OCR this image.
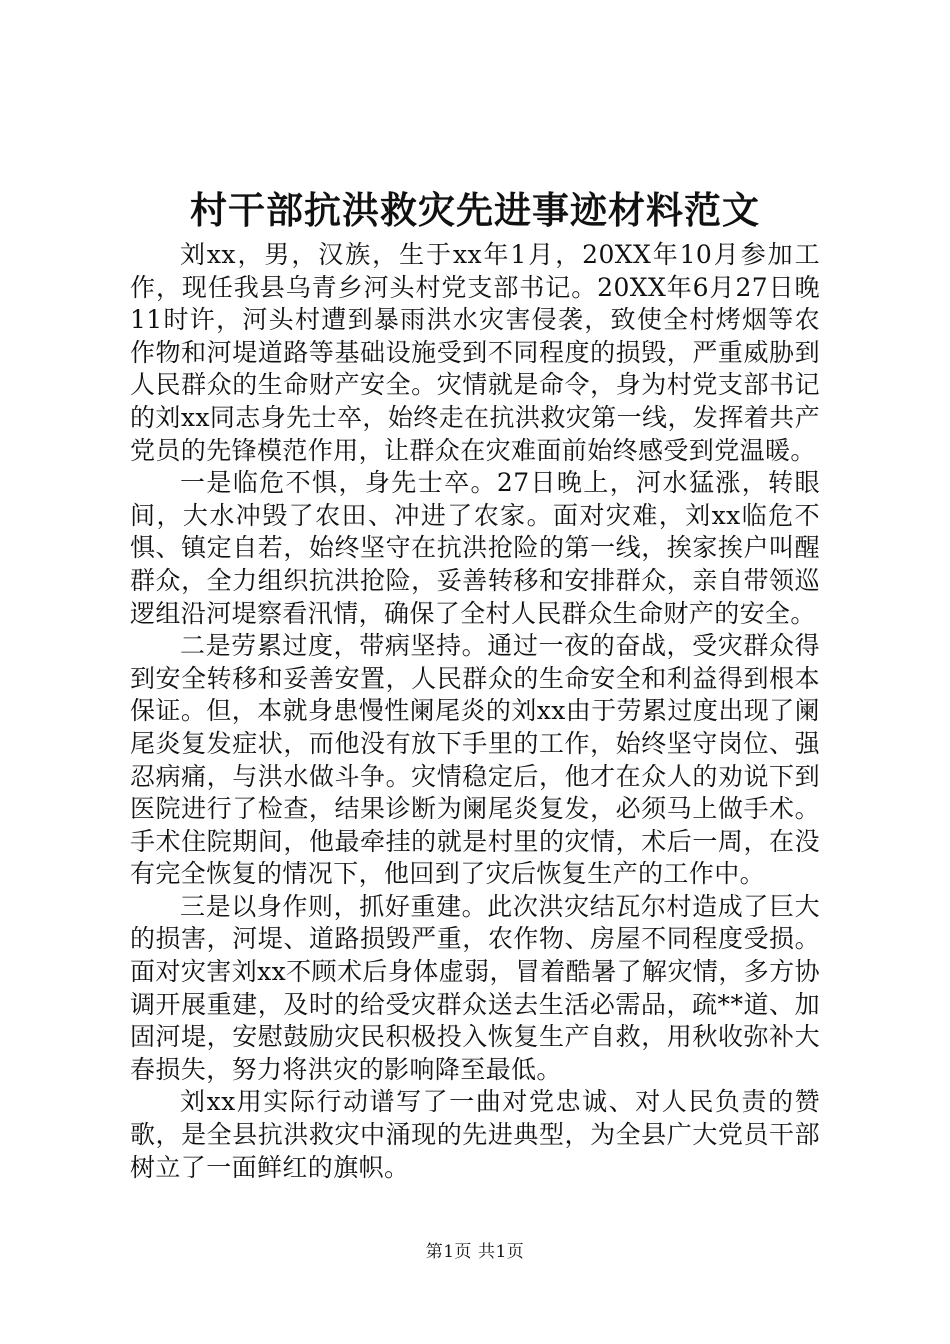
村干部抗洪救灾先进事迹材料范文

刘xx，男，汉族，生于xx年1月，20XX年10月参加工作，现任我县乌青乡河头村党支部书记。20XX年6月27日晚11时许，河头村遭到暴雨洪水灾害侵袭，致使全村烤烟等农作物和河堤道路等基础设施受到不同程度的损毁，严重威胁到人民群众的生命财产安全。灾情就是命令，身为村党支部书记的刘xx同志身先士卒，始终走在抗洪救灾第一线，发挥着共产党员的先锋模范作用，让群众在灾难面前始终感受到党温暖。

一是临危不惧，身先士卒。27日晚上，河水猛涨，转眼间，大水冲毁了农田、冲进了农家。面对灾难，刘xx临危不惧、镇定自若，始终坚守在抗洪抢险的第一线，挨家挨户叫醒群众，全力组织抗洪抢险，妥善转移和安排群众，亲自带领巡逻组沿河堤察看汛情，确保了全村人民群众生命财产的安全。

二是劳累过度，带病坚持。通过一夜的奋战，受灾群众得到安全转移和妥善安置，人民群众的生命安全和利益得到根本保证。但，本就身患慢性阑尾炎的刘xx由于劳累过度出现了阑尾炎复发症状，而他没有放下手里的工作，始终坚守岗位、强忍病痛，与洪水做斗争。灾情稳定后，他才在众人的劝说下到医院进行了检查，结果诊断为阑尾炎复发，必须马上做手术。手术住院期间，他最牵挂的就是村里的灾情，术后一周，在没有完全恢复的情况下，他回到了灾后恢复生产的工作中。

三是以身作则，抓好重建。此次洪灾结瓦尔村造成了巨大的损害，河堤、道路损毁严重，农作物、房屋不同程度受损。面对灾害刘xx不顾术后身体虚弱，冒着酷暑了解灾情，多方协调开展重建，及时的给受灾群众送去生活必需品，疏**道、加固河堤，安慰鼓励灾民积极投入恢复生产自救，用秋收弥补大春损失，努力将洪灾的影响降至最低。

刘xx用实际行动谱写了一曲对党忠诚、对人民负责的赞歌，是全县抗洪救灾中涌现的先进典型，为全县广大党员干部树立了一面鲜红的旗帜。

第1页 共1页
